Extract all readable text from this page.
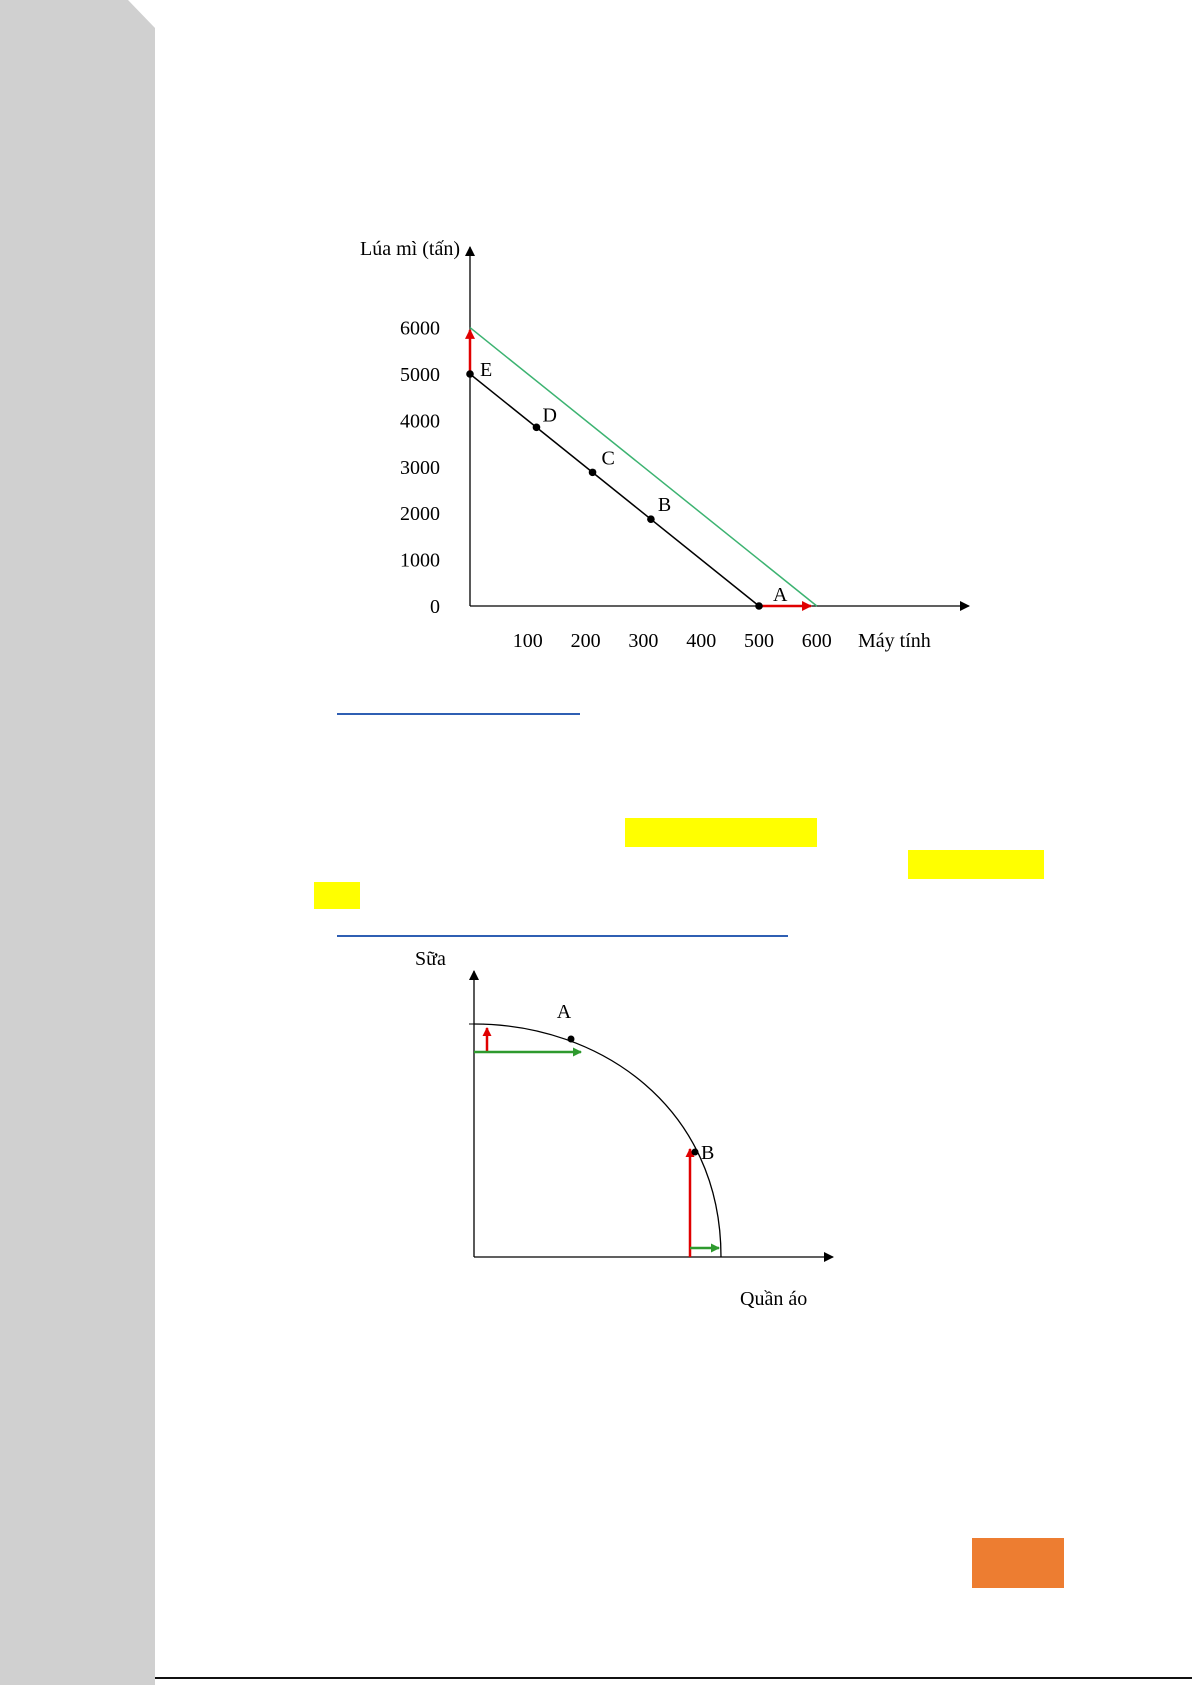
Lúa mì (tấn)
Máy tính
6000
5000
4000
3000
2000
1000
0
100 200 300 400 500 600
E
D
C
B
A
A
B
Sữa
Quần áo
